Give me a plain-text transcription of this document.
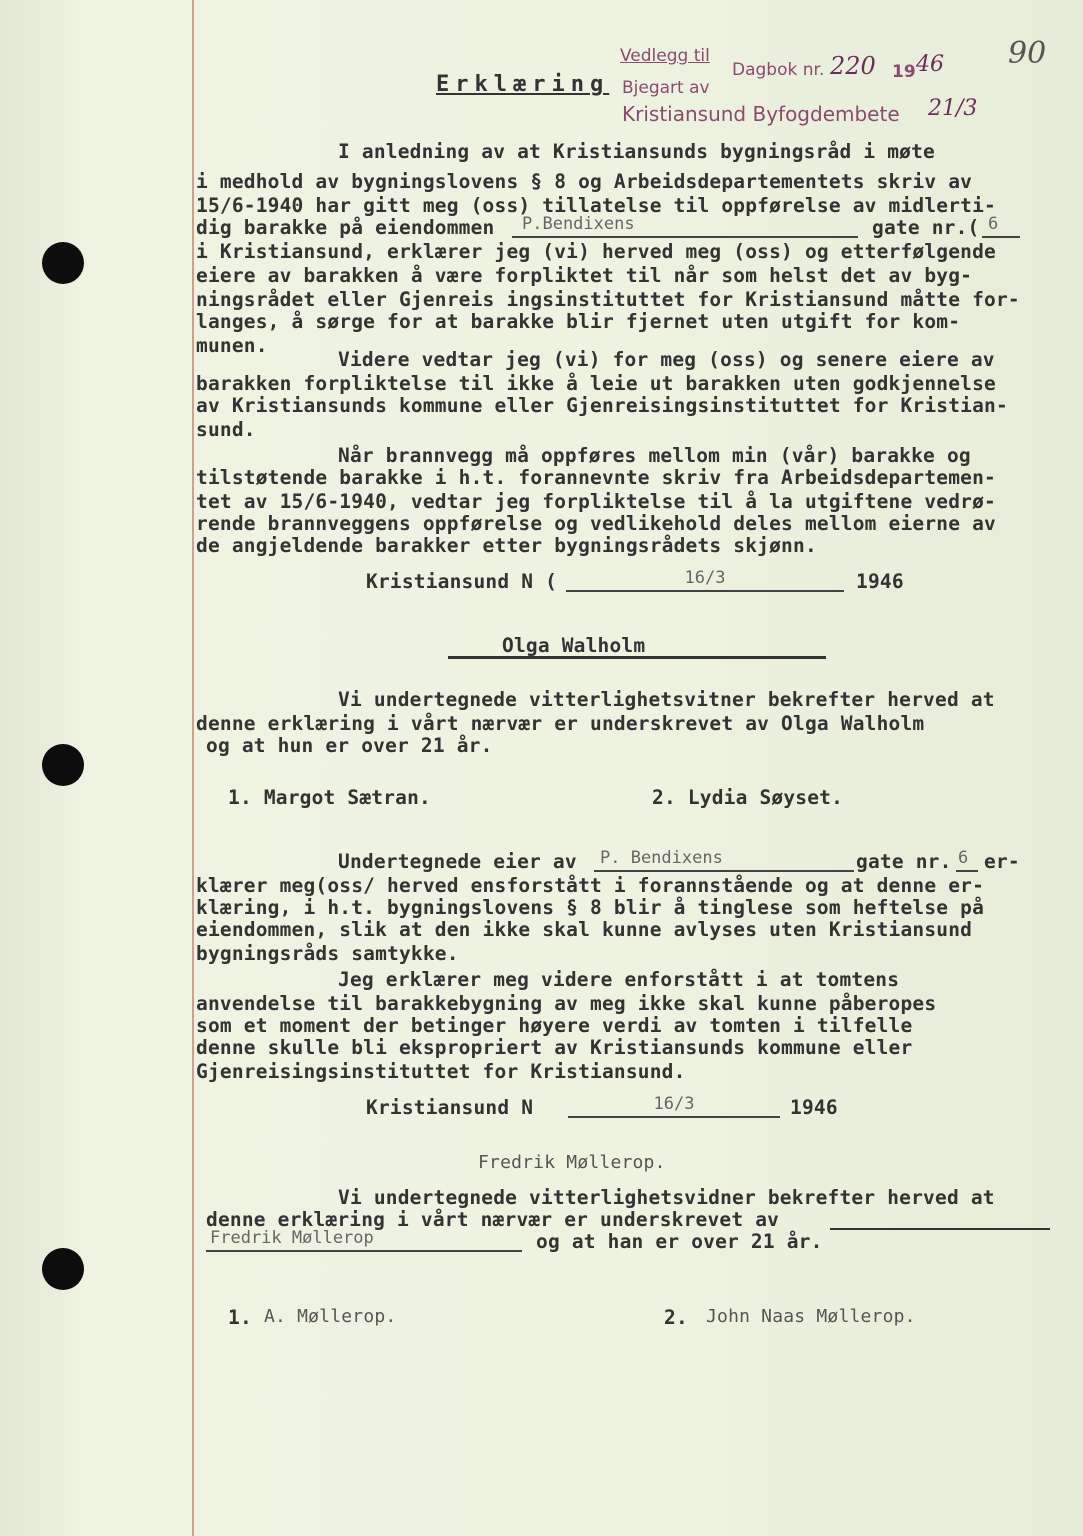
Vedlegg til
Dagbok nr. 220 19 46
Bjegart av
Kristiansund Byfogdembete 21/3
90
Erklæring
I anledning av at Kristiansunds bygningsråd i møte
i medhold av bygningslovens § 8 og Arbeidsdepartementets skriv av
15/6-1940 har gitt meg (oss) tillatelse til oppførelse av midlerti-
dig barakke på eiendommen	P.Bendixens	gate nr.( 6
i Kristiansund, erklærer jeg (vi) herved meg (oss) og etterfølgende
eiere av barakken å være forpliktet til når som helst det av byg-
ningsrådet eller Gjenreis ingsinstituttet for Kristiansund måtte for-
langes, å sørge for at barakke blir fjernet uten utgift for kom-
munen.
Videre vedtar jeg (vi) for meg (oss) og senere eiere av
barakken forpliktelse til ikke å leie ut barakken uten godkjennelse
av Kristiansunds kommune eller Gjenreisingsinstituttet for Kristian-
sund.
Når brannvegg må oppføres mellom min (vår) barakke og
tilstøtende barakke i h.t. forannevnte skriv fra Arbeidsdepartemen-
tet av 15/6-1940, vedtar jeg forpliktelse til å la utgiftene vedrø-
rende brannveggens oppførelse og vedlikehold deles mellom eierne av
de angjeldende barakker etter bygningsrådets skjønn.
Kristiansund N (	16/3	1946
Olga Walholm
Vi undertegnede vitterlighetsvitner bekrefter herved at
denne erklæring i vårt nærvær er underskrevet av Olga Walholm
og at hun er over 21 år.
1. Margot Sætran.	2. Lydia Søyset.
Undertegnede eier av	P. Bendixens	gate nr. 6 er-
klærer meg(oss/ herved ensforstått i forannstående og at denne er-
klæring, i h.t. bygningslovens § 8 blir å tinglese som heftelse på
eiendommen, slik at den ikke skal kunne avlyses uten Kristiansund
bygningsråds samtykke.
Jeg erklærer meg videre enforstått i at tomtens
anvendelse til barakkebygning av meg ikke skal kunne påberopes
som et moment der betinger høyere verdi av tomten i tilfelle
denne skulle bli ekspropriert av Kristiansunds kommune eller
Gjenreisingsinstituttet for Kristiansund.
Kristiansund N	16/3	1946
Fredrik Møllerop.
Vi undertegnede vitterlighetsvidner bekrefter herved at
denne erklæring i vårt nærvær er underskrevet av
Fredrik Møllerop	og at han er over 21 år.
1. A. Møllerop.	2. John Naas Møllerop.
